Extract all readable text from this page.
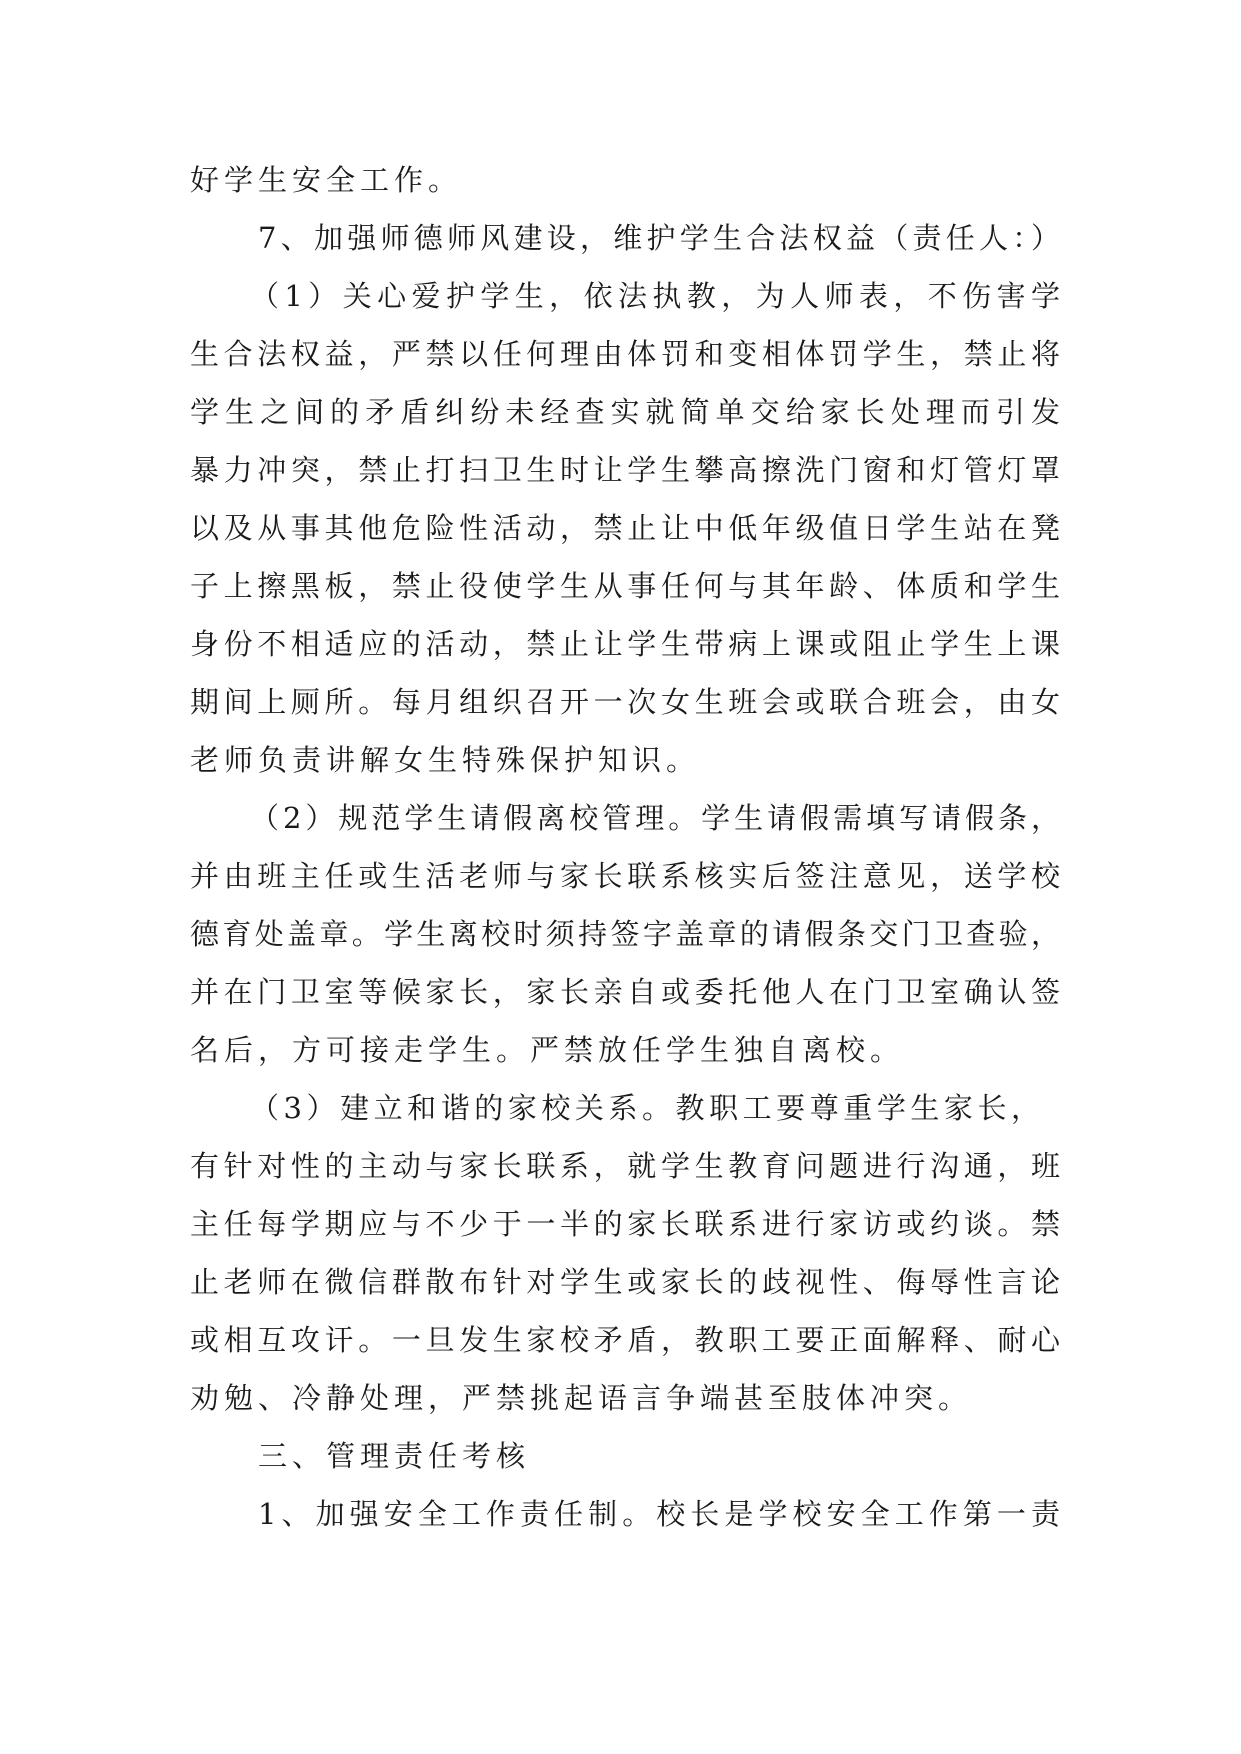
好学生安全工作。
7、加强师德师风建设，维护学生合法权益（责任人：）
（1）关心爱护学生，依法执教，为人师表，不伤害学
生合法权益，严禁以任何理由体罚和变相体罚学生，禁止将
学生之间的矛盾纠纷未经查实就简单交给家长处理而引发
暴力冲突，禁止打扫卫生时让学生攀高擦洗门窗和灯管灯罩
以及从事其他危险性活动，禁止让中低年级值日学生站在凳
子上擦黑板，禁止役使学生从事任何与其年龄、体质和学生
身份不相适应的活动，禁止让学生带病上课或阻止学生上课
期间上厕所。每月组织召开一次女生班会或联合班会，由女
老师负责讲解女生特殊保护知识。
（2）规范学生请假离校管理。学生请假需填写请假条，
并由班主任或生活老师与家长联系核实后签注意见，送学校
德育处盖章。学生离校时须持签字盖章的请假条交门卫查验，
并在门卫室等候家长，家长亲自或委托他人在门卫室确认签
名后，方可接走学生。严禁放任学生独自离校。
（3）建立和谐的家校关系。教职工要尊重学生家长，
有针对性的主动与家长联系，就学生教育问题进行沟通，班
主任每学期应与不少于一半的家长联系进行家访或约谈。禁
止老师在微信群散布针对学生或家长的歧视性、侮辱性言论
或相互攻讦。一旦发生家校矛盾，教职工要正面解释、耐心
劝勉、冷静处理，严禁挑起语言争端甚至肢体冲突。
三、管理责任考核
1、加强安全工作责任制。校长是学校安全工作第一责
